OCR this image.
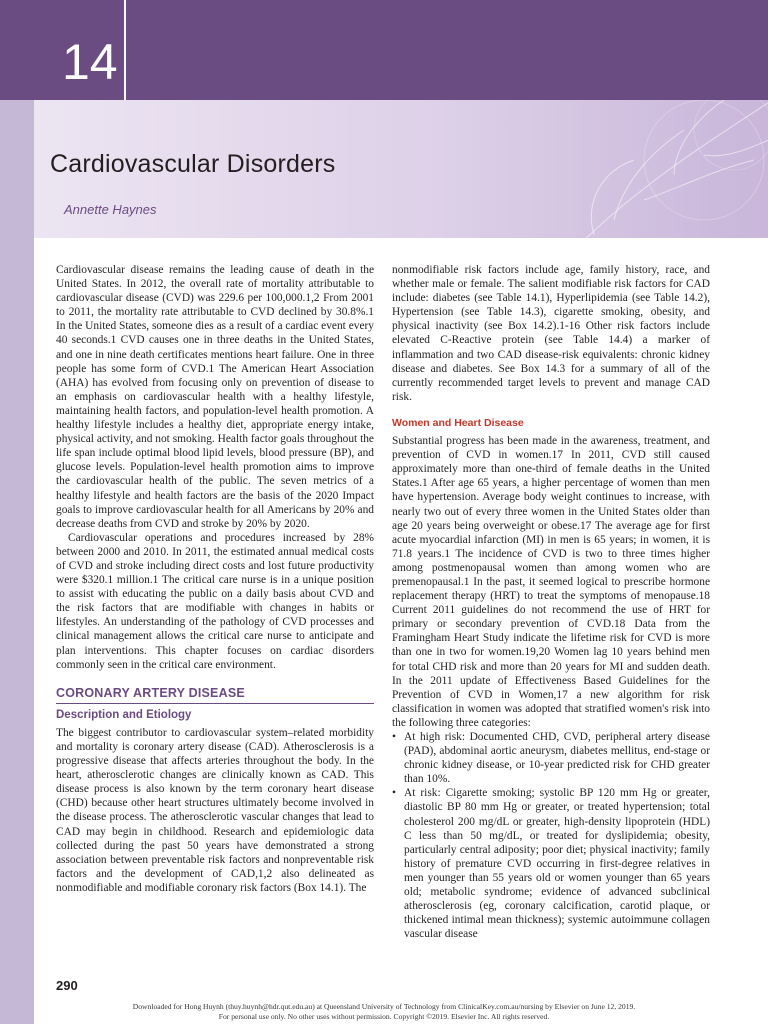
14
Cardiovascular Disorders
Annette Haynes

Cardiovascular disease remains the leading cause of death in the United States. In 2012, the overall rate of mortality attributable to cardiovascular disease (CVD) was 229.6 per 100,000.1,2 From 2001 to 2011, the mortality rate attributable to CVD declined by 30.8%.1 In the United States, someone dies as a result of a cardiac event every 40 seconds.1 CVD causes one in three deaths in the United States, and one in nine death certificates mentions heart failure. One in three people has some form of CVD.1 The American Heart Association (AHA) has evolved from focusing only on prevention of disease to an emphasis on cardiovascular health with a healthy lifestyle, maintaining health factors, and population-level health promotion. A healthy lifestyle includes a healthy diet, appropriate energy intake, physical activity, and not smoking. Health factor goals throughout the life span include optimal blood lipid levels, blood pressure (BP), and glucose levels. Population-level health promotion aims to improve the cardiovascular health of the public. The seven metrics of a healthy lifestyle and health factors are the basis of the 2020 Impact goals to improve cardiovascular health for all Americans by 20% and decrease deaths from CVD and stroke by 20% by 2020.

Cardiovascular operations and procedures increased by 28% between 2000 and 2010. In 2011, the estimated annual medical costs of CVD and stroke including direct costs and lost future productivity were $320.1 million.1 The critical care nurse is in a unique position to assist with educating the public on a daily basis about CVD and the risk factors that are modifiable with changes in habits or lifestyles. An understanding of the pathology of CVD processes and clinical management allows the critical care nurse to anticipate and plan interventions. This chapter focuses on cardiac disorders commonly seen in the critical care environment.

CORONARY ARTERY DISEASE
Description and Etiology

The biggest contributor to cardiovascular system–related morbidity and mortality is coronary artery disease (CAD). Atherosclerosis is a progressive disease that affects arteries throughout the body. In the heart, atherosclerotic changes are clinically known as CAD. This disease process is also known by the term coronary heart disease (CHD) because other heart structures ultimately become involved in the disease process. The atherosclerotic vascular changes that lead to CAD may begin in childhood. Research and epidemiologic data collected during the past 50 years have demonstrated a strong association between preventable risk factors and nonpreventable risk factors and the development of CAD,1,2 also delineated as nonmodifiable and modifiable coronary risk factors (Box 14.1). The

nonmodifiable risk factors include age, family history, race, and whether male or female. The salient modifiable risk factors for CAD include: diabetes (see Table 14.1), Hyperlipidemia (see Table 14.2), Hypertension (see Table 14.3), cigarette smoking, obesity, and physical inactivity (see Box 14.2).1-16 Other risk factors include elevated C-Reactive protein (see Table 14.4) a marker of inflammation and two CAD disease-risk equivalents: chronic kidney disease and diabetes. See Box 14.3 for a summary of all of the currently recommended target levels to prevent and manage CAD risk.

Women and Heart Disease

Substantial progress has been made in the awareness, treatment, and prevention of CVD in women.17 In 2011, CVD still caused approximately more than one-third of female deaths in the United States.1 After age 65 years, a higher percentage of women than men have hypertension. Average body weight continues to increase, with nearly two out of every three women in the United States older than age 20 years being overweight or obese.17 The average age for first acute myocardial infarction (MI) in men is 65 years; in women, it is 71.8 years.1 The incidence of CVD is two to three times higher among postmenopausal women than among women who are premenopausal.1 In the past, it seemed logical to prescribe hormone replacement therapy (HRT) to treat the symptoms of menopause.18 Current 2011 guidelines do not recommend the use of HRT for primary or secondary prevention of CVD.18 Data from the Framingham Heart Study indicate the lifetime risk for CVD is more than one in two for women.19,20 Women lag 10 years behind men for total CHD risk and more than 20 years for MI and sudden death. In the 2011 update of Effectiveness Based Guidelines for the Prevention of CVD in Women,17 a new algorithm for risk classification in women was adopted that stratified women's risk into the following three categories:

• At high risk: Documented CHD, CVD, peripheral artery disease (PAD), abdominal aortic aneurysm, diabetes mellitus, end-stage or chronic kidney disease, or 10-year predicted risk for CHD greater than 10%.
• At risk: Cigarette smoking; systolic BP 120 mm Hg or greater, diastolic BP 80 mm Hg or greater, or treated hypertension; total cholesterol 200 mg/dL or greater, high-density lipoprotein (HDL) C less than 50 mg/dL, or treated for dyslipidemia; obesity, particularly central adiposity; poor diet; physical inactivity; family history of premature CVD occurring in first-degree relatives in men younger than 55 years old or women younger than 65 years old; metabolic syndrome; evidence of advanced subclinical atherosclerosis (eg, coronary calcification, carotid plaque, or thickened intimal mean thickness); systemic autoimmune collagen vascular disease
290
Downloaded for Hong Huynh (thuy.huynh@hdr.qut.edu.au) at Queensland University of Technology from ClinicalKey.com.au/nursing by Elsevier on June 12, 2019.
For personal use only. No other uses without permission. Copyright ©2019. Elsevier Inc. All rights reserved.
